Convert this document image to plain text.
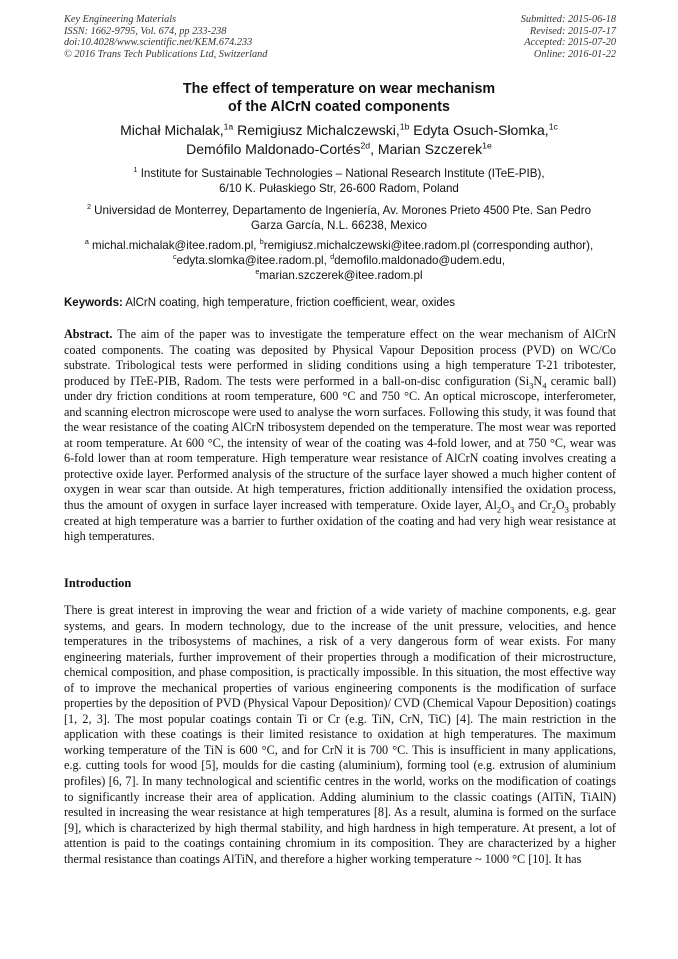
Key Engineering Materials
ISSN: 1662-9795, Vol. 674, pp 233-238
doi:10.4028/www.scientific.net/KEM.674.233
© 2016 Trans Tech Publications Ltd, Switzerland
Submitted: 2015-06-18
Revised: 2015-07-17
Accepted: 2015-07-20
Online: 2016-01-22
The effect of temperature on wear mechanism
of the AlCrN coated components
Michał Michalak,$^{1a}$ Remigiusz Michalczewski,$^{1b}$ Edyta Osuch-Słomka,$^{1c}$
Demófilo Maldonado-Cortés$^{2d}$, Marian Szczerek$^{1e}$
$^1$ Institute for Sustainable Technologies – National Research Institute (ITeE-PIB),
6/10 K. Pułaskiego Str, 26-600 Radom, Poland
$^2$ Universidad de Monterrey, Departamento de Ingeniería, Av. Morones Prieto 4500 Pte. San Pedro
Garza García, N.L. 66238, Mexico
$^a$ michal.michalak@itee.radom.pl, $^b$remigiusz.michalczewski@itee.radom.pl (corresponding author), $^c$edyta.slomka@itee.radom.pl, $^d$demofilo.maldonado@udem.edu,
$^e$marian.szczerek@itee.radom.pl
Keywords: AlCrN coating, high temperature, friction coefficient, wear, oxides
Abstract. The aim of the paper was to investigate the temperature effect on the wear mechanism of AlCrN coated components. The coating was deposited by Physical Vapour Deposition process (PVD) on WC/Co substrate. Tribological tests were performed in sliding conditions using a high temperature T-21 tribotester, produced by ITeE-PIB, Radom. The tests were performed in a ball-on-disc configuration ($Si_3N_4$ ceramic ball) under dry friction conditions at room temperature, 600 °C and 750 °C. An optical microscope, interferometer, and scanning electron microscope were used to analyse the worn surfaces. Following this study, it was found that the wear resistance of the coating AlCrN tribosystem depended on the temperature. The most wear was reported at room temperature. At 600 °C, the intensity of wear of the coating was 4-fold lower, and at 750 °C, wear was 6-fold lower than at room temperature. High temperature wear resistance of AlCrN coating involves creating a protective oxide layer. Performed analysis of the structure of the surface layer showed a much higher content of oxygen in wear scar than outside. At high temperatures, friction additionally intensified the oxidation process, thus the amount of oxygen in surface layer increased with temperature. Oxide layer, $Al_2O_3$ and $Cr_2O_3$ probably created at high temperature was a barrier to further oxidation of the coating and had very high wear resistance at high temperatures.
Introduction
There is great interest in improving the wear and friction of a wide variety of machine components, e.g. gear systems, and gears. In modern technology, due to the increase of the unit pressure, velocities, and hence temperatures in the tribosystems of machines, a risk of a very dangerous form of wear exists. For many engineering materials, further improvement of their properties through a modification of their microstructure, chemical composition, and phase composition, is practically impossible. In this situation, the most effective way of to improve the mechanical properties of various engineering components is the modification of surface properties by the deposition of PVD (Physical Vapour Deposition)/ CVD (Chemical Vapour Deposition) coatings [1, 2, 3]. The most popular coatings contain Ti or Cr (e.g. TiN, CrN, TiC) [4]. The main restriction in the application with these coatings is their limited resistance to oxidation at high temperatures. The maximum working temperature of the TiN is 600 °C, and for CrN it is 700 °C. This is insufficient in many applications, e.g. cutting tools for wood [5], moulds for die casting (aluminium), forming tool (e.g. extrusion of aluminium profiles) [6, 7]. In many technological and scientific centres in the world, works on the modification of coatings to significantly increase their area of application. Adding aluminium to the classic coatings (AlTiN, TiAlN) resulted in increasing the wear resistance at high temperatures [8]. As a result, alumina is formed on the surface [9], which is characterized by high thermal stability, and high hardness in high temperature. At present, a lot of attention is paid to the coatings containing chromium in its composition. They are characterized by a higher thermal resistance than coatings AlTiN, and therefore a higher working temperature ~ 1000 °C [10]. It has
